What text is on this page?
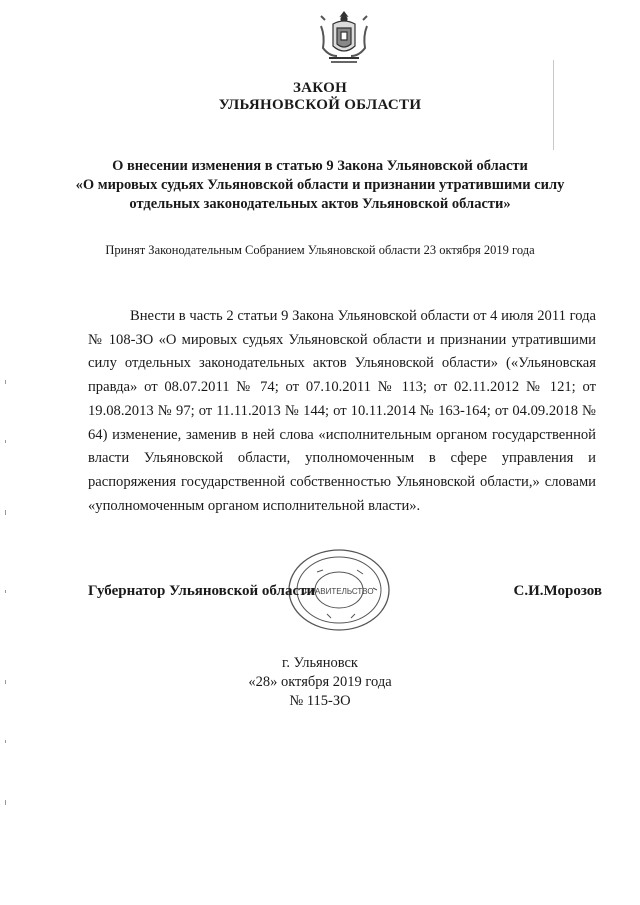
ЗАКОН
УЛЬЯНОВСКОЙ ОБЛАСТИ
О внесении изменения в статью 9 Закона Ульяновской области
«О мировых судьях Ульяновской области и признании утратившими силу
отдельных законодательных актов Ульяновской области»
Принят Законодательным Собранием Ульяновской области 23 октября 2019 года
Внести в часть 2 статьи 9 Закона Ульяновской области от 4 июля 2011 года № 108-ЗО «О мировых судьях Ульяновской области и признании утратившими силу отдельных законодательных актов Ульяновской области» («Ульяновская правда» от 08.07.2011 № 74; от 07.10.2011 № 113; от 02.11.2012 № 121; от 19.08.2013 № 97; от 11.11.2013 № 144; от 10.11.2014 № 163-164; от 04.09.2018 № 64) изменение, заменив в ней слова «исполнительным органом государственной власти Ульяновской области, уполномоченным в сфере управления и распоряжения государственной собственностью Ульяновской области,» словами «уполномоченным органом исполнительной власти».
ПРАВИТЕЛЬСТВО
Губернатор Ульяновской области	С.И.Морозов
г. Ульяновск
«28» октября 2019 года
№ 115-ЗО
